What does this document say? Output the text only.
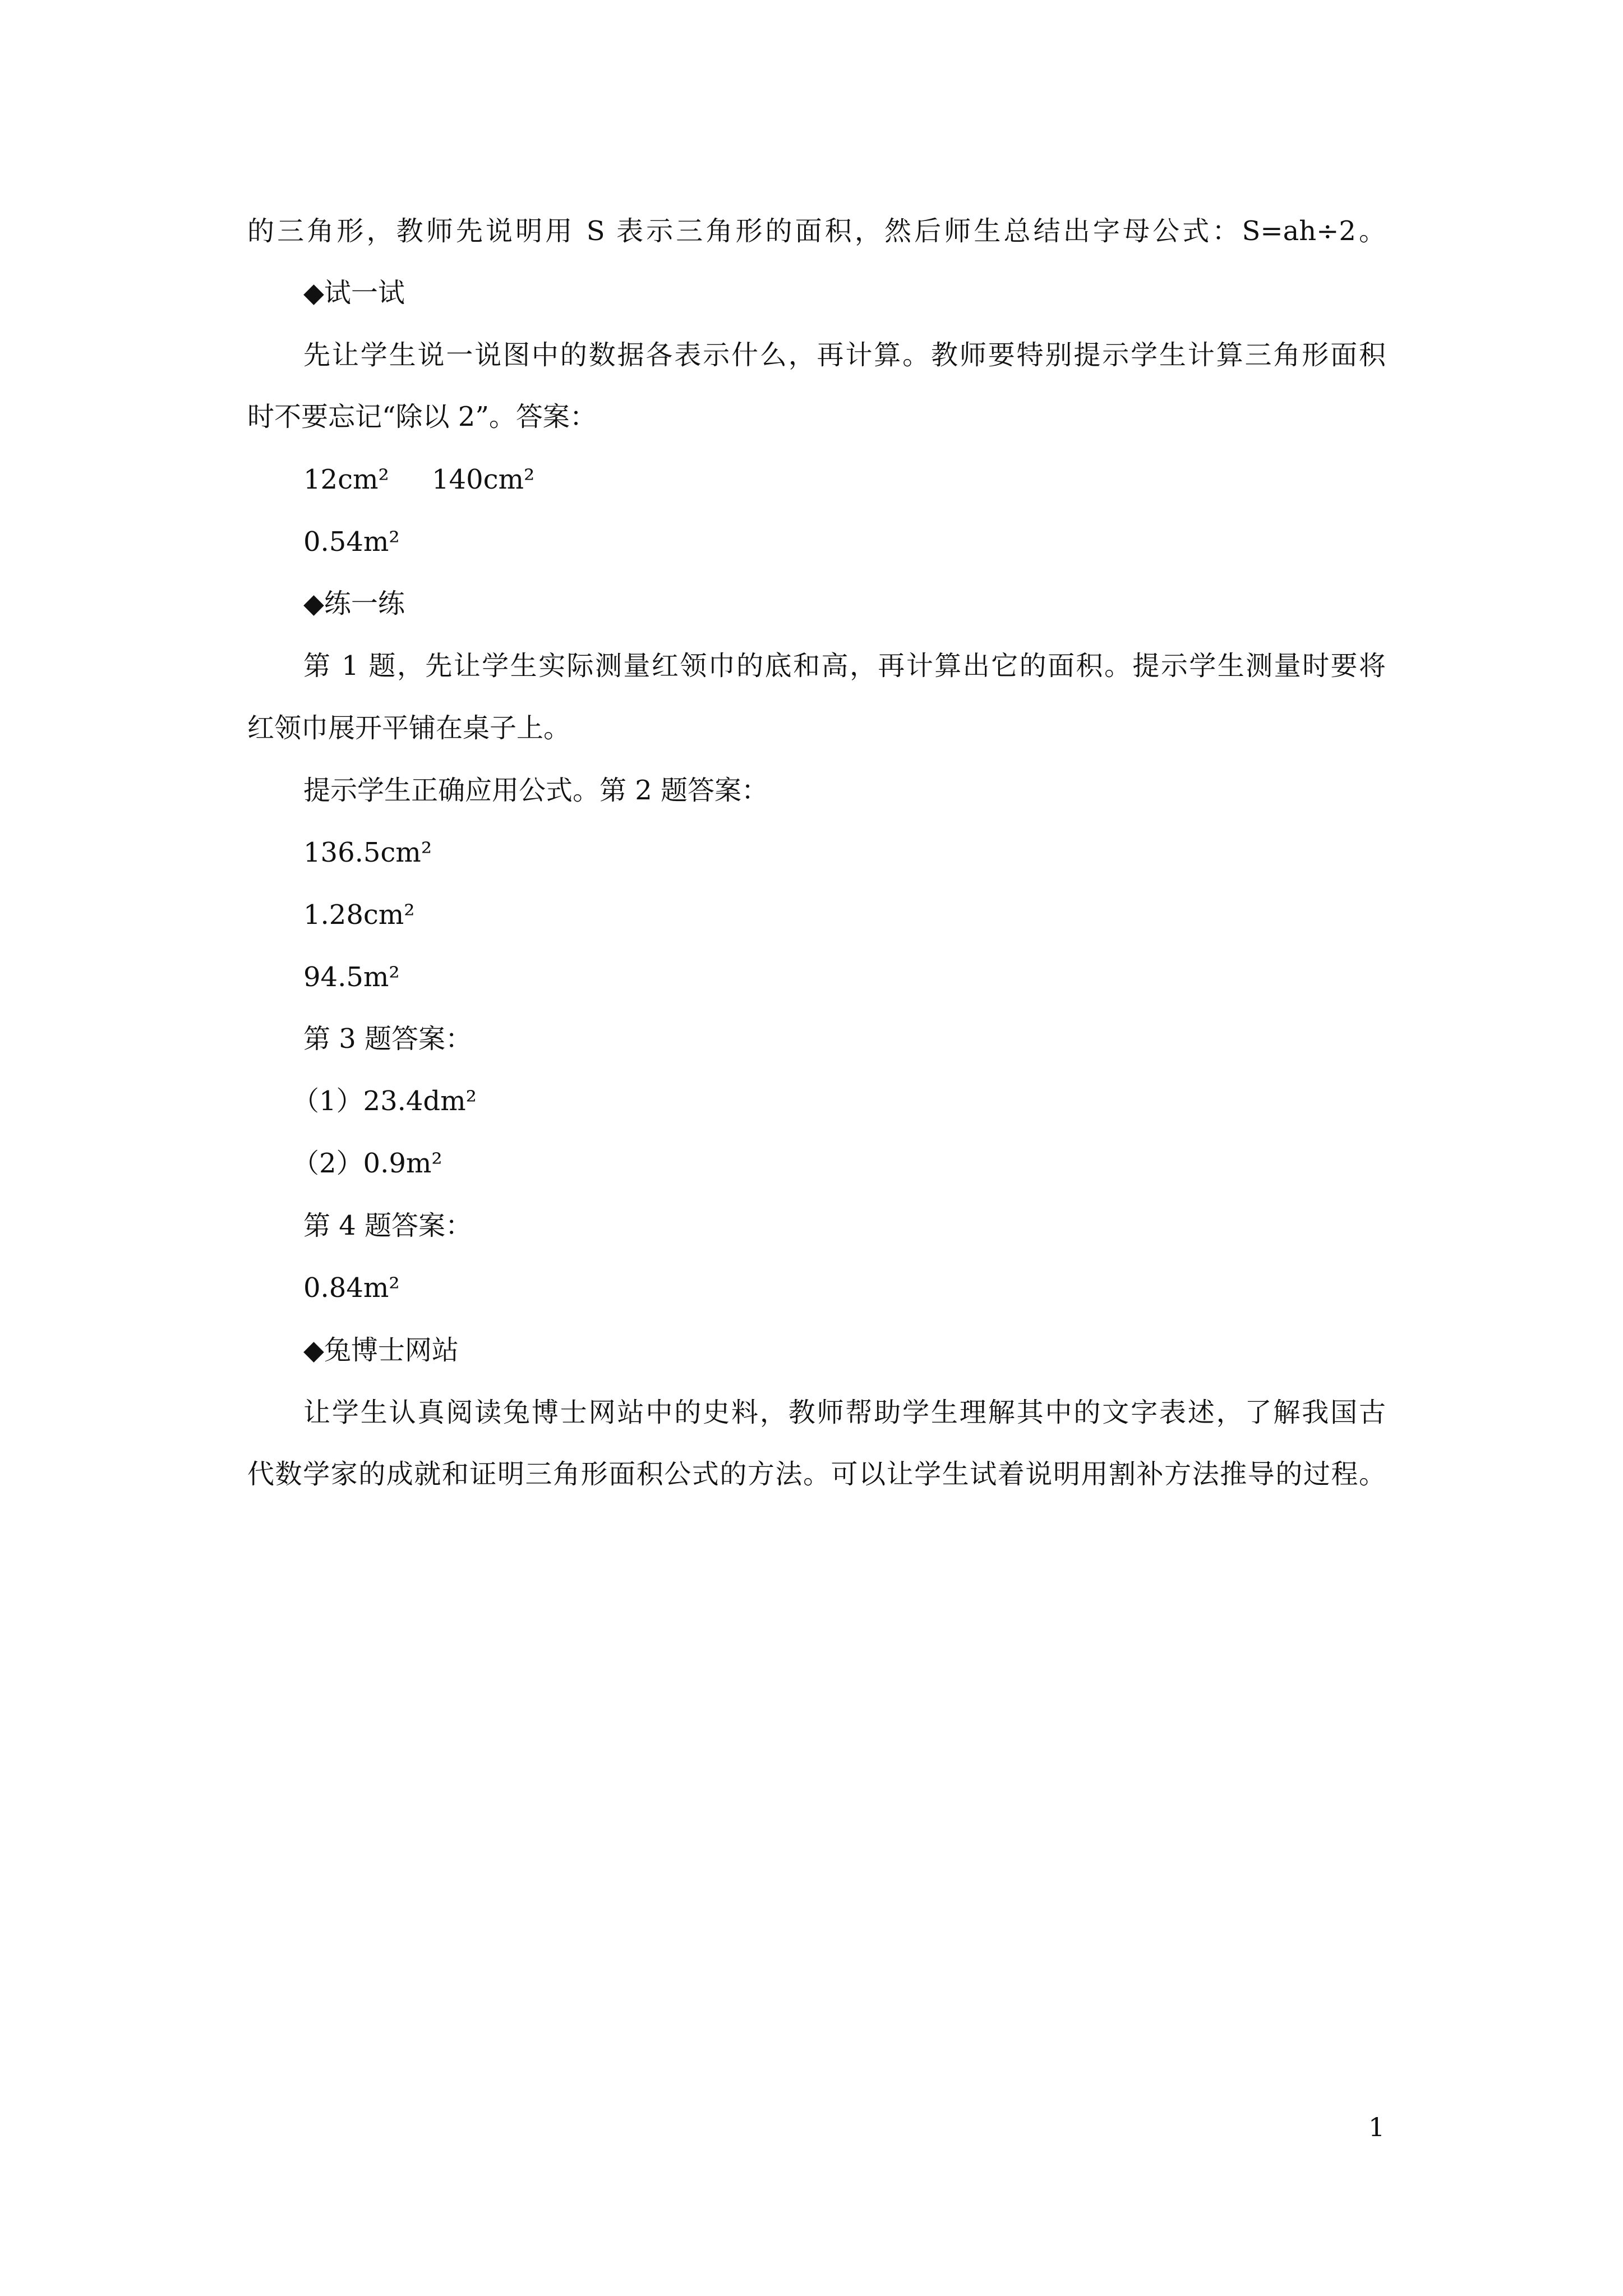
的三角形，教师先说明用 S 表示三角形的面积，然后师生总结出字母公式：S=ah÷2。
◆试一试
先让学生说一说图中的数据各表示什么，再计算。教师要特别提示学生计算三角形面积
时不要忘记“除以 2”。答案：
12cm²     140cm²
0.54m²
◆练一练
第 1 题，先让学生实际测量红领巾的底和高，再计算出它的面积。提示学生测量时要将
红领巾展开平铺在桌子上。
提示学生正确应用公式。第 2 题答案：
136.5cm²
1.28cm²
94.5m²
第 3 题答案：
（1）23.4dm²
（2）0.9m²
第 4 题答案：
0.84m²
◆兔博士网站
让学生认真阅读兔博士网站中的史料，教师帮助学生理解其中的文字表述，了解我国古
代数学家的成就和证明三角形面积公式的方法。可以让学生试着说明用割补方法推导的过程。
1
